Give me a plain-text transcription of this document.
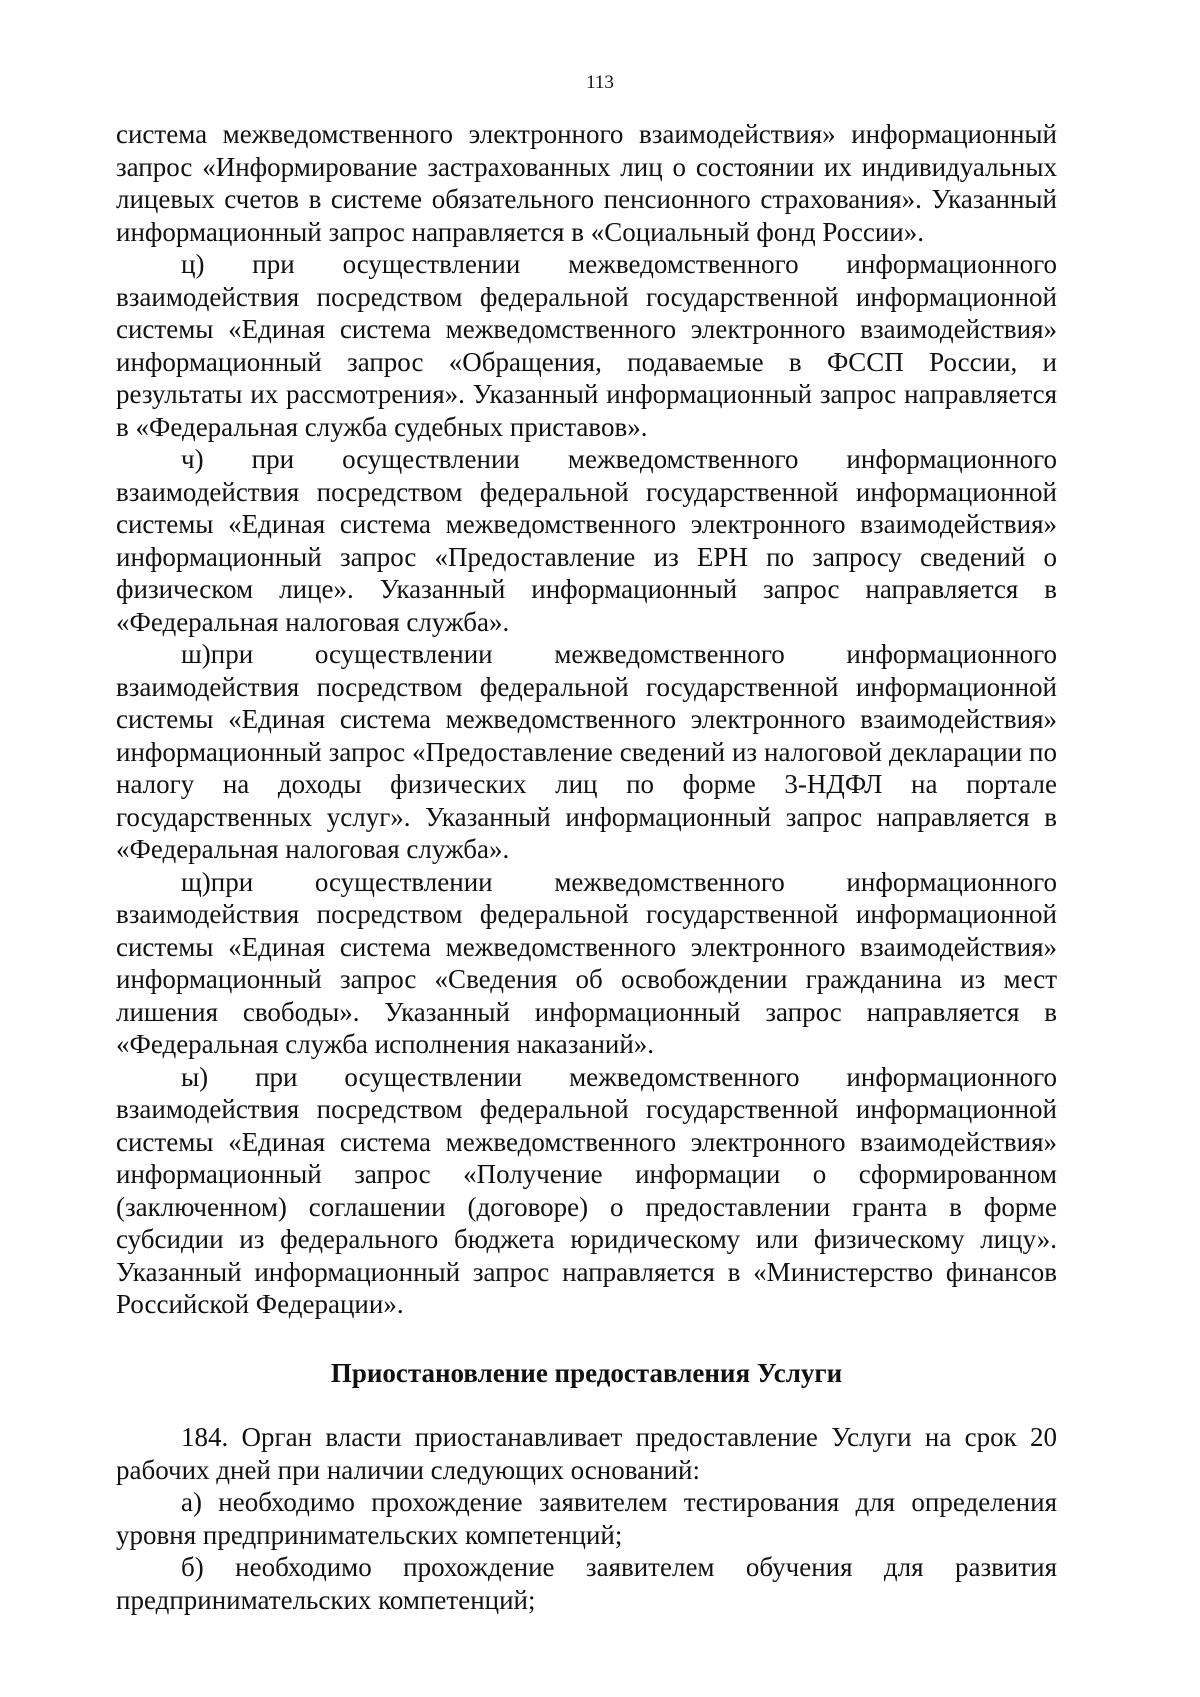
113

система межведомственного электронного взаимодействия» информационный запрос «Информирование застрахованных лиц о состоянии их индивидуальных лицевых счетов в системе обязательного пенсионного страхования». Указанный информационный запрос направляется в «Социальный фонд России».

ц) при осуществлении межведомственного информационного взаимодействия посредством федеральной государственной информационной системы «Единая система межведомственного электронного взаимодействия» информационный запрос «Обращения, подаваемые в ФССП России, и результаты их рассмотрения». Указанный информационный запрос направляется в «Федеральная служба судебных приставов».

ч) при осуществлении межведомственного информационного взаимодействия посредством федеральной государственной информационной системы «Единая система межведомственного электронного взаимодействия» информационный запрос «Предоставление из ЕРН по запросу сведений о физическом лице». Указанный информационный запрос направляется в «Федеральная налоговая служба».

ш)при осуществлении межведомственного информационного взаимодействия посредством федеральной государственной информационной системы «Единая система межведомственного электронного взаимодействия» информационный запрос «Предоставление сведений из налоговой декларации по налогу на доходы физических лиц по форме 3-НДФЛ на портале государственных услуг». Указанный информационный запрос направляется в «Федеральная налоговая служба».

щ)при осуществлении межведомственного информационного взаимодействия посредством федеральной государственной информационной системы «Единая система межведомственного электронного взаимодействия» информационный запрос «Сведения об освобождении гражданина из мест лишения свободы». Указанный информационный запрос направляется в «Федеральная служба исполнения наказаний».

ы) при осуществлении межведомственного информационного взаимодействия посредством федеральной государственной информационной системы «Единая система межведомственного электронного взаимодействия» информационный запрос «Получение информации о сформированном (заключенном) соглашении (договоре) о предоставлении гранта в форме субсидии из федерального бюджета юридическому или физическому лицу». Указанный информационный запрос направляется в «Министерство финансов Российской Федерации».

Приостановление предоставления Услуги

184. Орган власти приостанавливает предоставление Услуги на срок 20 рабочих дней при наличии следующих оснований:

а) необходимо прохождение заявителем тестирования для определения уровня предпринимательских компетенций;

б) необходимо прохождение заявителем обучения для развития предпринимательских компетенций;
